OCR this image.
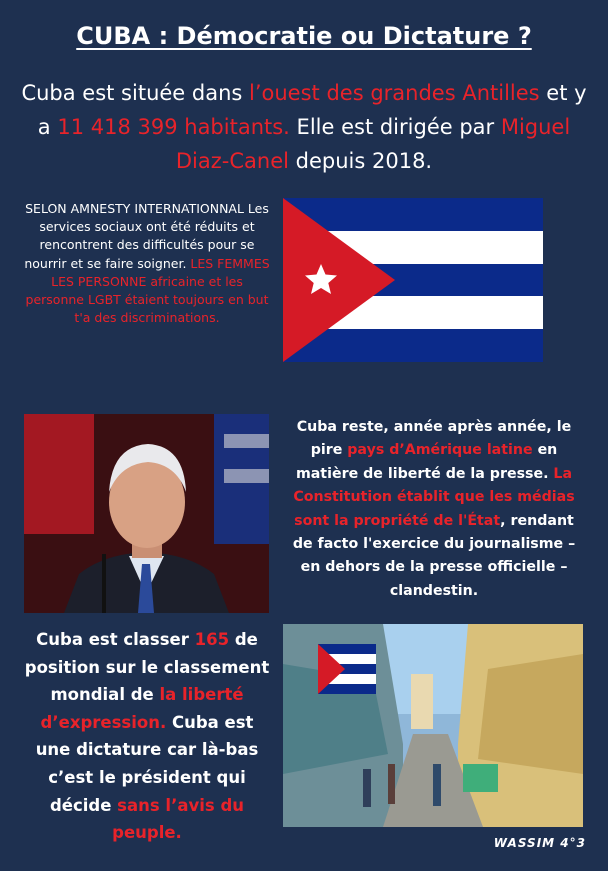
CUBA : Démocratie ou Dictature ?
Cuba est située dans l’ouest des grandes Antilles et y a 11 418 399 habitants. Elle est dirigée par Miguel Diaz-Canel depuis 2018.
SELON AMNESTY INTERNATIONNAL Les services sociaux ont été réduits et rencontrent des difficultés pour se nourrir et se faire soigner. LES FEMMES LES PERSONNE africaine et les personne LGBT étaient toujours en but t'a des discriminations.
Cuba reste, année après année, le pire pays d’Amérique latine en matière de liberté de la presse. La Constitution établit que les médias sont la propriété de l'État, rendant de facto l'exercice du journalisme – en dehors de la presse officielle – clandestin.
Cuba est classer 165 de position sur le classement mondial de la liberté d’expression. Cuba est une dictature car là-bas c’est le président qui décide sans l’avis du peuple.
WASSIM 4°3
